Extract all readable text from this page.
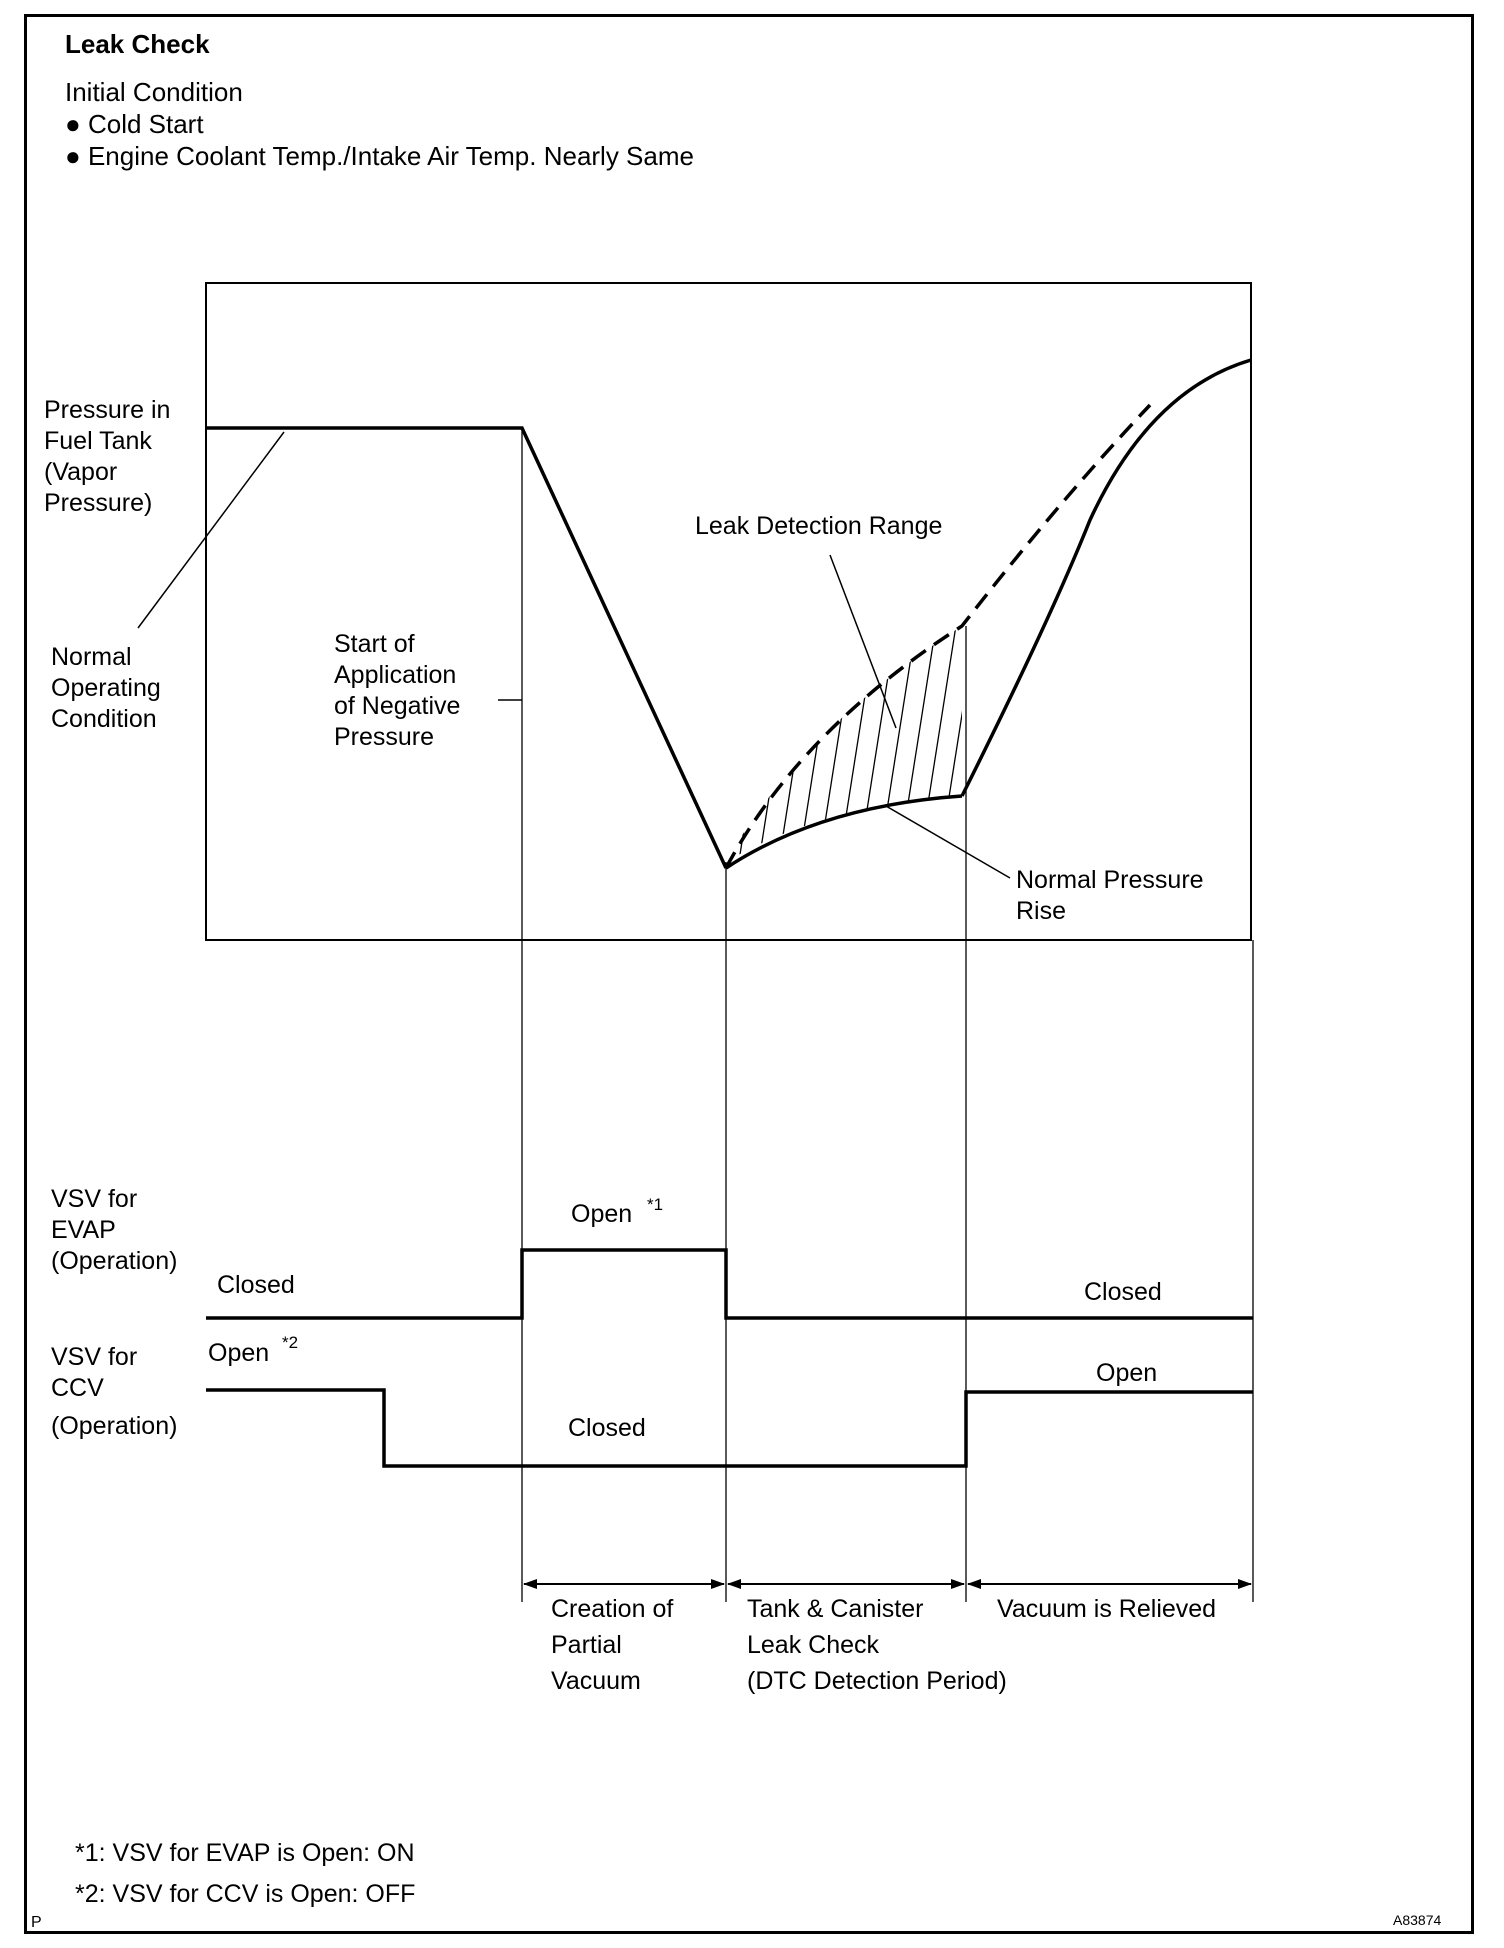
Leak Check
Initial Condition
● Cold Start
● Engine Coolant Temp./Intake Air Temp. Nearly Same
Pressure in Fuel Tank (Vapor Pressure)
Normal Operating Condition
Start of Application of Negative Pressure
Leak Detection Range
Normal Pressure Rise
VSV for EVAP (Operation)
Closed
Open *1
Closed
VSV for CCV (Operation)
Open *2
Closed
Open
Creation of Partial Vacuum
Tank & Canister Leak Check (DTC Detection Period)
Vacuum is Relieved
*1: VSV for EVAP is Open: ON
*2: VSV for CCV is Open: OFF
P	A83874
